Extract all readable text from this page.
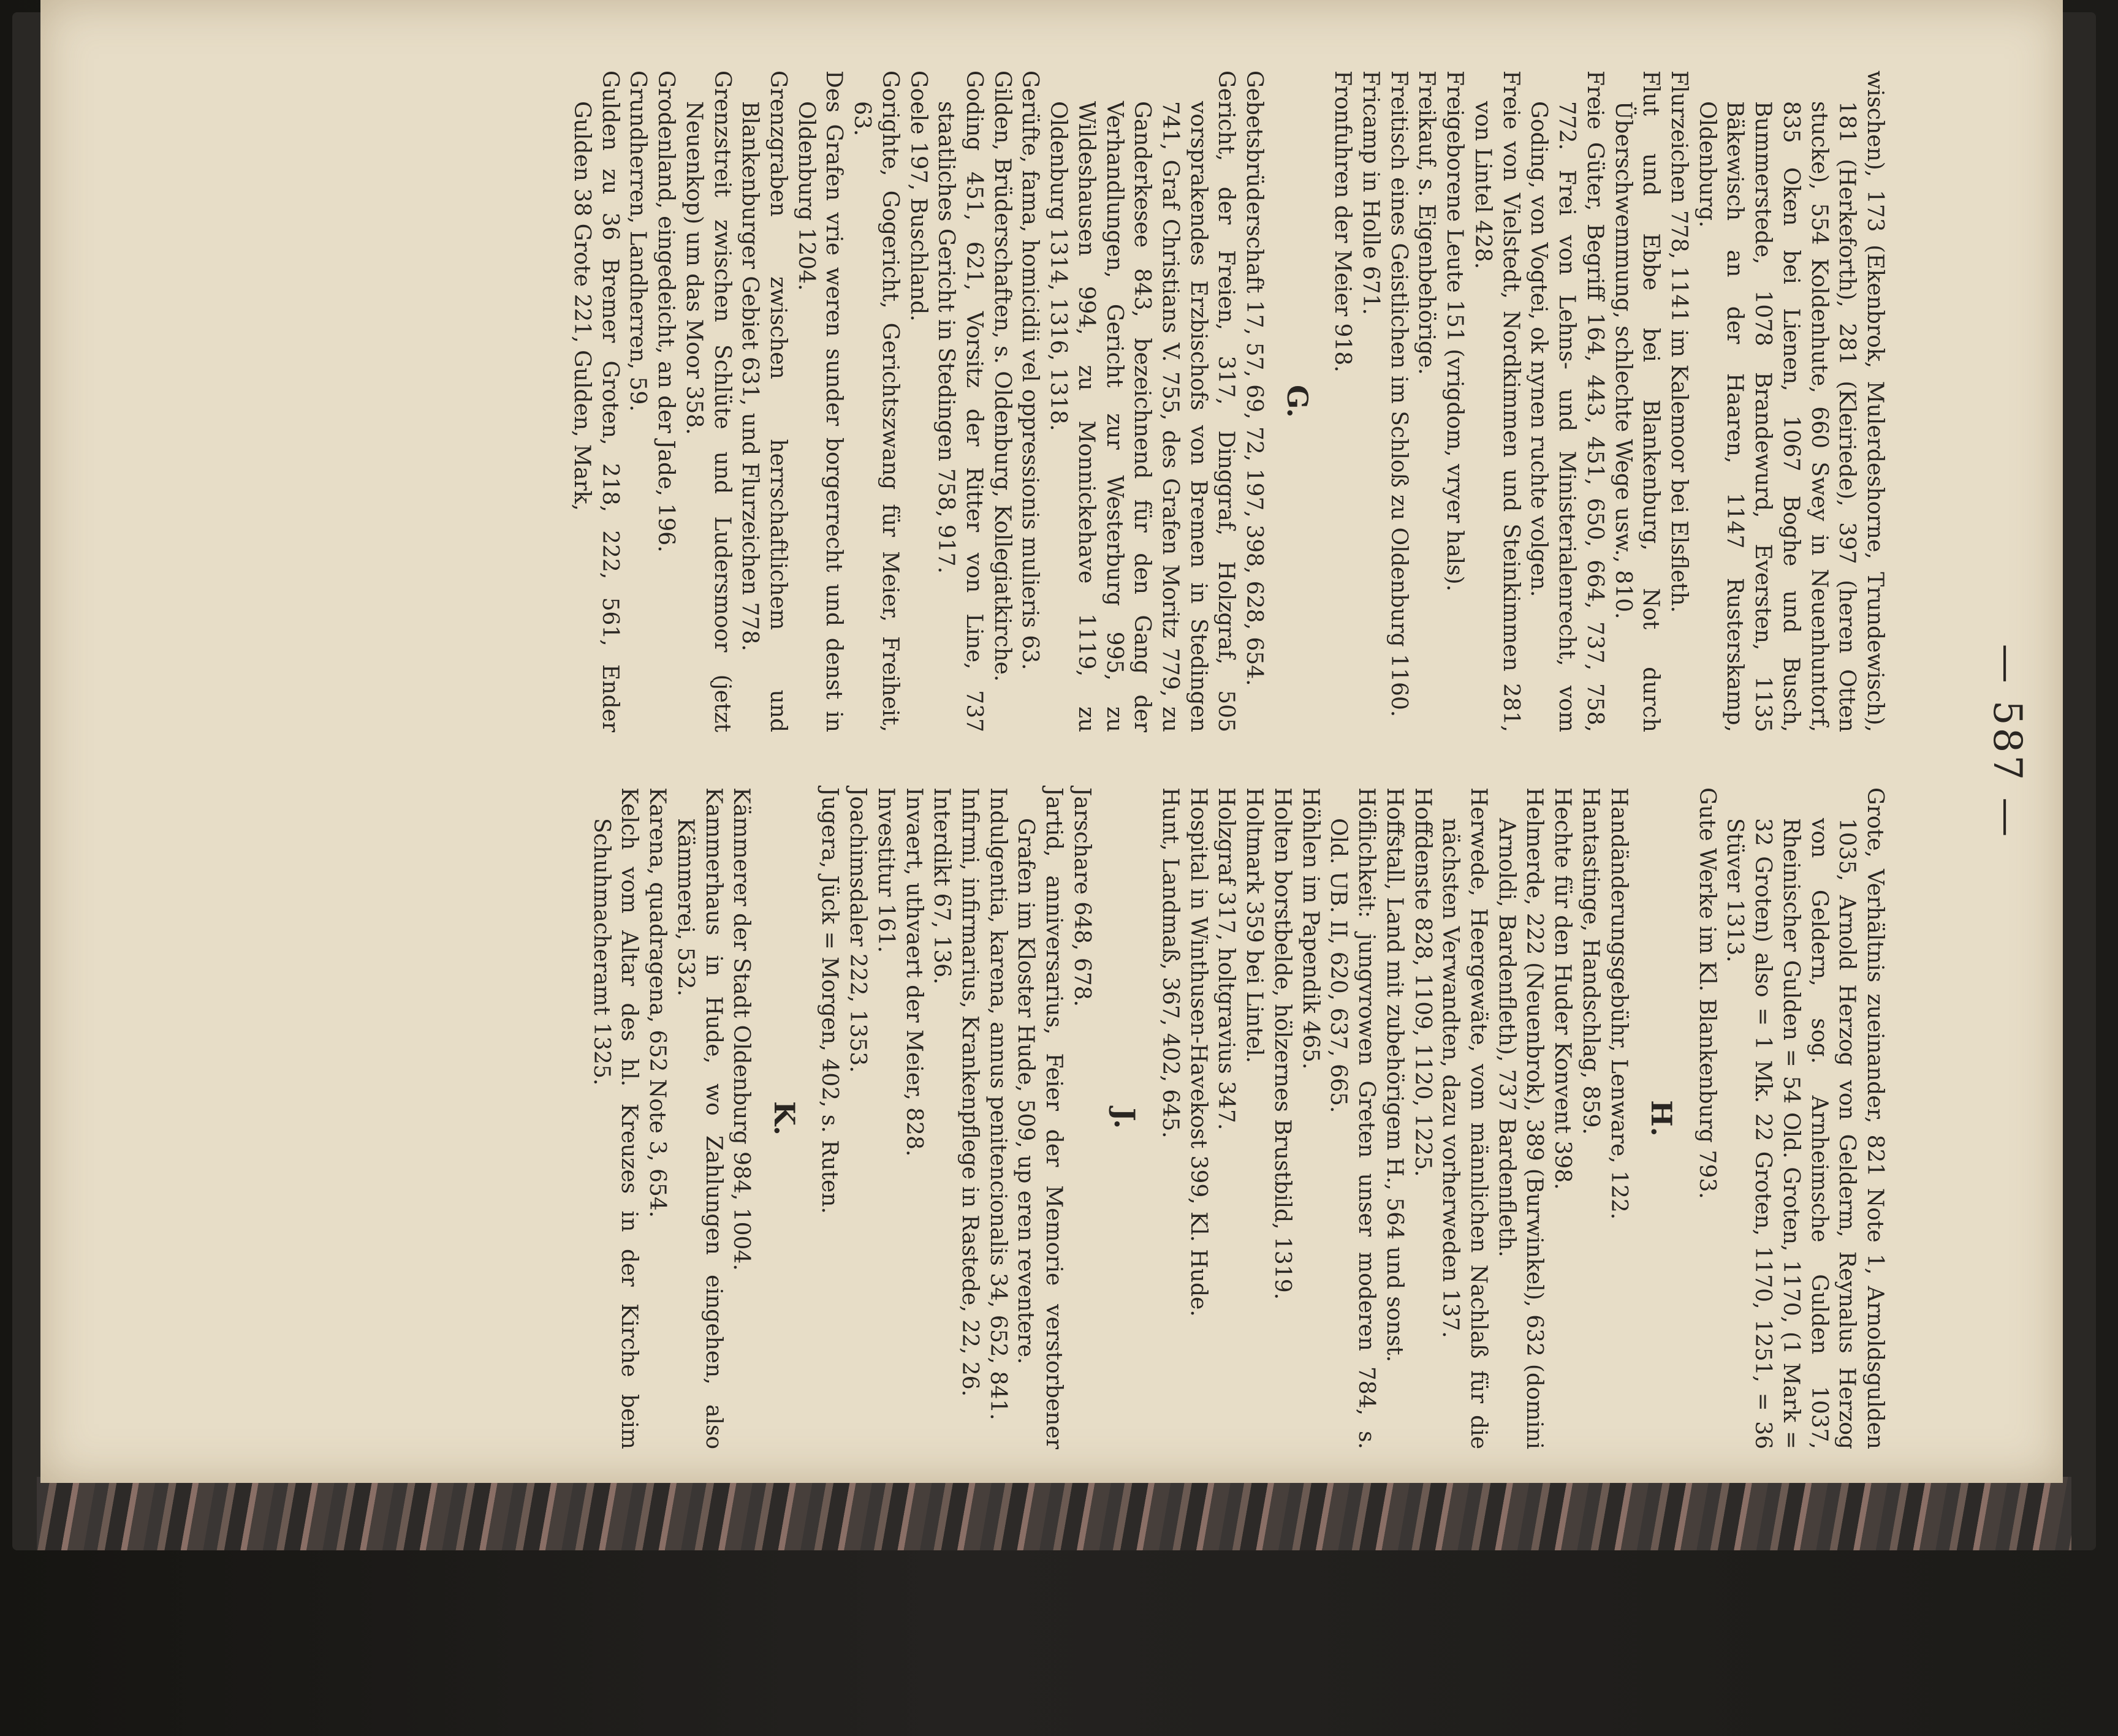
— 587 —

wischen), 173 (Ekenbrok, Mulerdeshorne, Trundewisch), 181 (Herkeforth), 281 (Kleiriede), 397 (heren Otten stucke), 554 Koldenhute, 660 Swey in Neuenhuntorf, 835 Oken bei Lienen, 1067 Boghe und Busch, Bummerstede, 1078 Brandewurd, Eversten, 1135 Bäkewisch an der Haaren, 1147 Rusterskamp, Oldenburg.

Flurzeichen 778, 1141 im Kalemoor bei Elsfleth.

Flut und Ebbe bei Blankenburg, Not durch Überschwemmung, schlechte Wege usw., 810.

Freie Güter, Begriff 164, 443, 451, 650, 664, 737, 758, 772. Frei von Lehns- und Ministerialenrecht, vom Goding, von Vogtei, ok nynen ruchte volgen.

Freie von Vielstedt, Nordkimmen und Steinkimmen 281, von Lintel 428.

Freigeborene Leute 151 (vrigdom, vryer hals).

Freikauf, s. Eigenbehörige.

Freitisch eines Geistlichen im Schloß zu Oldenburg 1160.

Fricamp in Holle 671.

Fronfuhren der Meier 918.

G.

Gebetsbrüderschaft 17, 57, 69, 72, 197, 398, 628, 654.

Gericht, der Freien, 317, Dinggraf, Holzgraf, 505 vorsprakendes Erzbischofs von Bremen in Stedingen 741, Graf Christians V. 755, des Grafen Moritz 779, zu Ganderkesee 843, bezeichnend für den Gang der Verhandlungen, Gericht zur Westerburg 995, zu Wildeshausen 994, zu Monnickehave 1119, zu Oldenburg 1314, 1316, 1318.

Gerüfte, fama, homicidii vel oppressionis mulieris 63.

Gilden, Brüderschaften, s. Oldenburg, Kollegiatkirche.

Goding 451, 621, Vorsitz der Ritter von Line, 737 staatliches Gericht in Stedingen 758, 917.

Goele 197, Buschland.

Gorighte, Gogericht, Gerichtszwang für Meier, Freiheit, 63.

Des Grafen vrie weren sunder borgerrecht und denst in Oldenburg 1204.

Grenzgraben zwischen herrschaftlichem und Blankenburger Gebiet 631, und Flurzeichen 778.

Grenzstreit zwischen Schlüte und Ludersmoor (jetzt Neuenkop) um das Moor 358.

Grodenland, eingedeicht, an der Jade, 196.

Grundherren, Landherren, 59.

Gulden zu 36 Bremer Groten, 218, 222, 561, Ender Gulden 38 Grote 221, Gulden, Mark,

Grote, Verhältnis zueinander, 821 Note 1, Arnoldsgulden 1035, Arnold Herzog von Gelderm, Reynalus Herzog von Geldern, sog. Arnheimsche Gulden 1037, Rheinischer Gulden = 54 Old. Groten, 1170, (1 Mark = 32 Groten) also = 1 Mk. 22 Groten, 1170, 1251, = 36 Stüver 1313.

Gute Werke im Kl. Blankenburg 793.

H.

Handänderungsgebühr, Lenware, 122.

Hantastinge, Handschlag, 859.

Hechte für den Huder Konvent 398.

Helmerde, 222 (Neuenbrok), 389 (Burwinkel), 632 (domini Arnoldi, Bardenfleth), 737 Bardenfleth.

Herwede, Heergewäte, vom männlichen Nachlaß für die nächsten Verwandten, dazu vorherweden 137.

Hoffdenste 828, 1109, 1120, 1225.

Hoffstall, Land mit zubehörigem H., 564 und sonst.

Höflichkeit: jungvrowen Greten unser moderen 784, s. Old. UB. II, 620, 637, 665.

Höhlen im Papendik 465.

Holten borstbelde, hölzernes Brustbild, 1319.

Holtmark 359 bei Lintel.

Holzgraf 317, holtgravius 347.

Hospital in Winthusen-Havekost 399, Kl. Hude.

Hunt, Landmaß, 367, 402, 645.

J.

Jarschare 648, 678.

Jartid, anniversarius, Feier der Memorie verstorbener Grafen im Kloster Hude, 509, up eren reventere.

Indulgentia, karena, annus penitencionalis 34, 652, 841.

Infirmi, infirmarius, Krankenpflege in Rastede, 22, 26.

Interdikt 67, 136.

Invaert, uthvaert der Meier, 828.

Investitur 161.

Joachimsdaler 222, 1353.

Jugera, Jück = Morgen, 402, s. Ruten.

K.

Kämmerer der Stadt Oldenburg 984, 1004.

Kammerhaus in Hude, wo Zahlungen eingehen, also Kämmerei, 532.

Karena, quadragena, 652 Note 3, 654.

Kelch vom Altar des hl. Kreuzes in der Kirche beim Schuhmacheramt 1325.
